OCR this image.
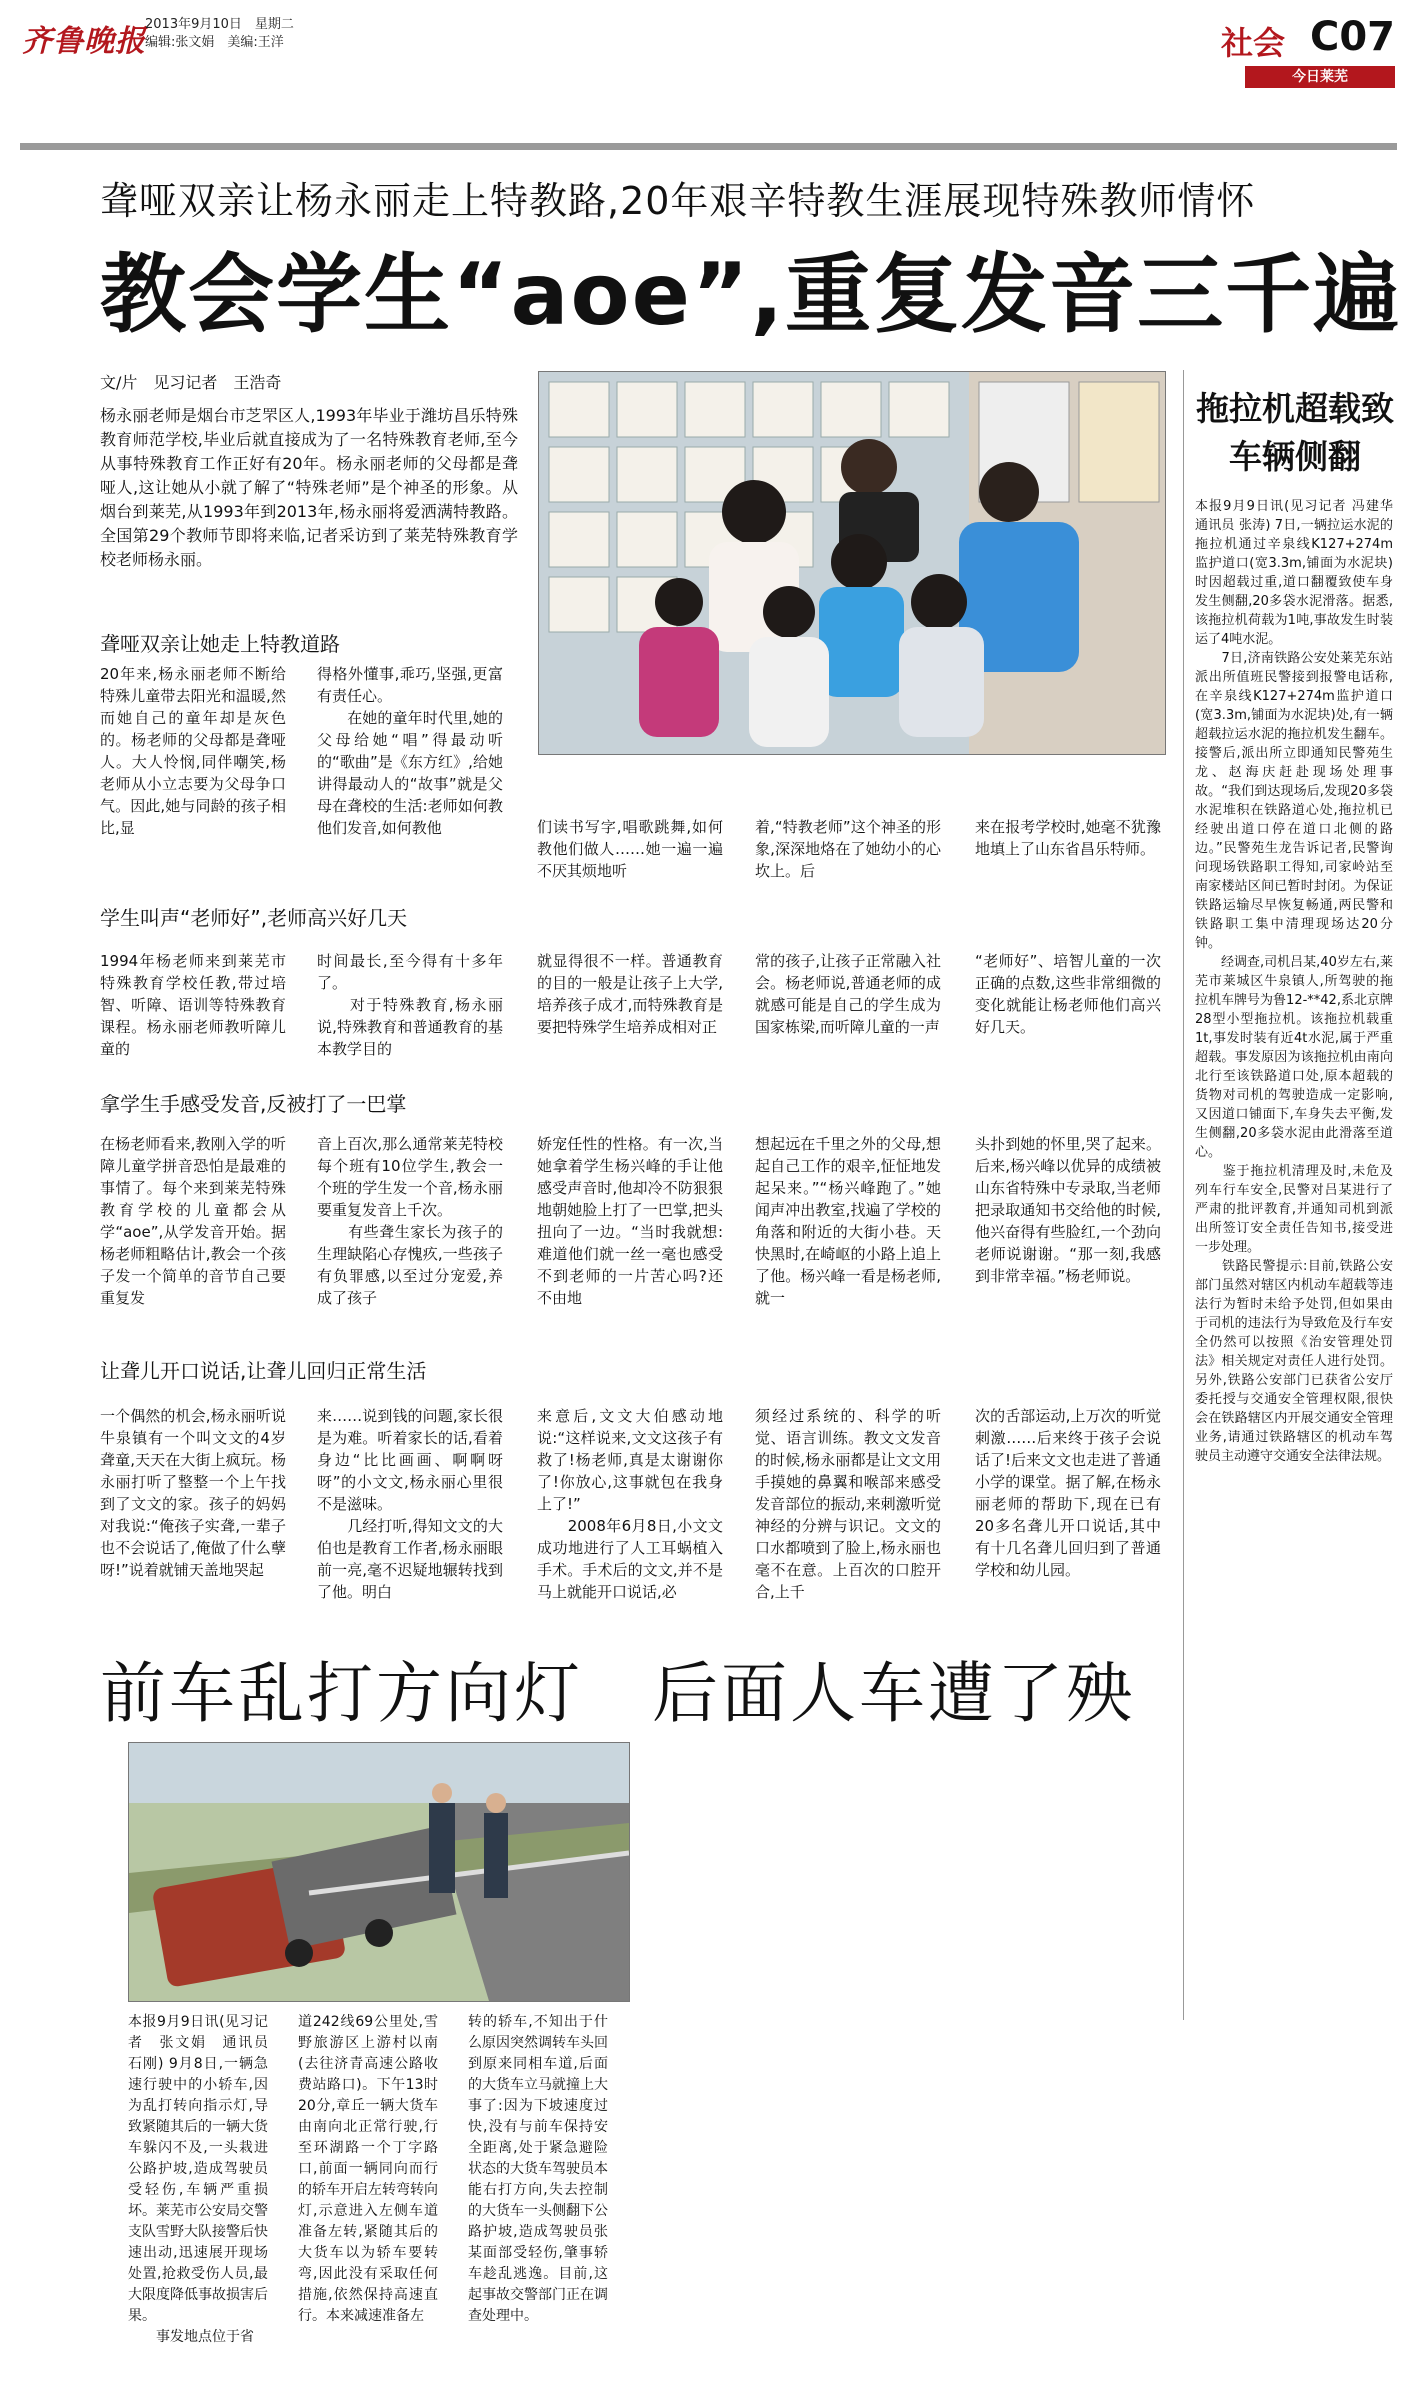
齐鲁晚报 2013年9月10日　星期二
编辑:张文娟　美编:王洋	社会 C07
今日莱芜
聋哑双亲让杨永丽走上特教路,20年艰辛特教生涯展现特殊教师情怀
教会学生“aoe”,重复发音三千遍
文/片　见习记者　王浩奇
杨永丽老师是烟台市芝罘区人,1993年毕业于潍坊昌乐特殊教育师范学校,毕业后就直接成为了一名特殊教育老师,至今从事特殊教育工作正好有20年。杨永丽老师的父母都是聋哑人,这让她从小就了解了“特殊老师”是个神圣的形象。从烟台到莱芜,从1993年到2013年,杨永丽将爱洒满特教路。全国第29个教师节即将来临,记者采访到了莱芜特殊教育学校老师杨永丽。
聋哑双亲让她走上特教道路
20年来,杨永丽老师不断给特殊儿童带去阳光和温暖,然而她自己的童年却是灰色的。杨老师的父母都是聋哑人。大人怜悯,同伴嘲笑,杨老师从小立志要为父母争口气。因此,她与同龄的孩子相比,显
得格外懂事,乖巧,坚强,更富有责任心。
　　在她的童年时代里,她的父母给她“唱”得最动听的“歌曲”是《东方红》,给她讲得最动人的“故事”就是父母在聋校的生活:老师如何教他们发音,如何教他	们读书写字,唱歌跳舞,如何教他们做人……她一遍一遍不厌其烦地听
着,“特教老师”这个神圣的形象,深深地烙在了她幼小的心坎上。后
来在报考学校时,她毫不犹豫地填上了山东省昌乐特师。
学生叫声“老师好”,老师高兴好几天
1994年杨老师来到莱芜市特殊教育学校任教,带过培智、听障、语训等特殊教育课程。杨永丽老师教听障儿童的
时间最长,至今得有十多年了。
　　对于特殊教育,杨永丽说,特殊教育和普通教育的基本教学目的
就显得很不一样。普通教育的目的一般是让孩子上大学,培养孩子成才,而特殊教育是要把特殊学生培养成相对正
常的孩子,让孩子正常融入社会。杨老师说,普通老师的成就感可能是自己的学生成为国家栋梁,而听障儿童的一声
“老师好”、培智儿童的一次正确的点数,这些非常细微的变化就能让杨老师他们高兴好几天。
拿学生手感受发音,反被打了一巴掌
在杨老师看来,教刚入学的听障儿童学拼音恐怕是最难的事情了。每个来到莱芜特殊教育学校的儿童都会从学“aoe”,从学发音开始。据杨老师粗略估计,教会一个孩子发一个简单的音节自己要重复发
音上百次,那么通常莱芜特校每个班有10位学生,教会一个班的学生发一个音,杨永丽要重复发音上千次。
　　有些聋生家长为孩子的生理缺陷心存愧疚,一些孩子有负罪感,以至过分宠爱,养成了孩子
娇宠任性的性格。有一次,当她拿着学生杨兴峰的手让他感受声音时,他却冷不防狠狠地朝她脸上打了一巴掌,把头扭向了一边。“当时我就想:难道他们就一丝一毫也感受不到老师的一片苦心吗?还不由地
想起远在千里之外的父母,想起自己工作的艰辛,怔怔地发起呆来。”“杨兴峰跑了。”她闻声冲出教室,找遍了学校的角落和附近的大街小巷。天快黑时,在崎岖的小路上追上了他。杨兴峰一看是杨老师,就一
头扑到她的怀里,哭了起来。后来,杨兴峰以优异的成绩被山东省特殊中专录取,当老师把录取通知书交给他的时候,他兴奋得有些脸红,一个劲向老师说谢谢。“那一刻,我感到非常幸福。”杨老师说。
让聋儿开口说话,让聋儿回归正常生活
一个偶然的机会,杨永丽听说牛泉镇有一个叫文文的4岁聋童,天天在大街上疯玩。杨永丽打听了整整一个上午找到了文文的家。孩子的妈妈对我说:“俺孩子实聋,一辈子也不会说话了,俺做了什么孽呀!”说着就铺天盖地哭起
来……说到钱的问题,家长很是为难。听着家长的话,看着身边“比比画画、啊啊呀呀”的小文文,杨永丽心里很不是滋味。
　　几经打听,得知文文的大伯也是教育工作者,杨永丽眼前一亮,毫不迟疑地辗转找到了他。明白
来意后,文文大伯感动地说:“这样说来,文文这孩子有救了!杨老师,真是太谢谢你了!你放心,这事就包在我身上了!”
　　2008年6月8日,小文文成功地进行了人工耳蜗植入手术。手术后的文文,并不是马上就能开口说话,必
须经过系统的、科学的听觉、语言训练。教文文发音的时候,杨永丽都是让文文用手摸她的鼻翼和喉部来感受发音部位的振动,来刺激听觉神经的分辨与识记。文文的口水都喷到了脸上,杨永丽也毫不在意。上百次的口腔开合,上千
次的舌部运动,上万次的听觉刺激……后来终于孩子会说话了!后来文文也走进了普通小学的课堂。据了解,在杨永丽老师的帮助下,现在已有20多名聋儿开口说话,其中有十几名聋儿回归到了普通学校和幼儿园。
拖拉机超载致车辆侧翻
本报9月9日讯(见习记者 冯建华　通讯员 张涛) 7日,一辆拉运水泥的拖拉机通过辛泉线K127+274m监护道口(宽3.3m,铺面为水泥块)时因超载过重,道口翻覆致使车身发生侧翻,20多袋水泥滑落。据悉,该拖拉机荷载为1吨,事故发生时装运了4吨水泥。
　　7日,济南铁路公安处莱芜东站派出所值班民警接到报警电话称,在辛泉线K127+274m监护道口(宽3.3m,铺面为水泥块)处,有一辆超载拉运水泥的拖拉机发生翻车。接警后,派出所立即通知民警苑生龙、赵海庆赶赴现场处理事故。“我们到达现场后,发现20多袋水泥堆积在铁路道心处,拖拉机已经驶出道口停在道口北侧的路边。”民警苑生龙告诉记者,民警询问现场铁路职工得知,司家岭站至南家楼站区间已暂时封闭。为保证铁路运输尽早恢复畅通,两民警和铁路职工集中清理现场达20分钟。
　　经调查,司机吕某,40岁左右,莱芜市莱城区牛泉镇人,所驾驶的拖拉机车牌号为鲁12-**42,系北京牌28型小型拖拉机。该拖拉机载重1t,事发时装有近4t水泥,属于严重超载。事发原因为该拖拉机由南向北行至该铁路道口处,原本超载的货物对司机的驾驶造成一定影响,又因道口铺面下,车身失去平衡,发生侧翻,20多袋水泥由此滑落至道心。
　　鉴于拖拉机清理及时,未危及列车行车安全,民警对吕某进行了严肃的批评教育,并通知司机到派出所签订安全责任告知书,接受进一步处理。
　　铁路民警提示:目前,铁路公安部门虽然对辖区内机动车超载等违法行为暂时未给予处罚,但如果由于司机的违法行为导致危及行车安全仍然可以按照《治安管理处罚法》相关规定对责任人进行处罚。另外,铁路公安部门已获省公安厅委托授与交通安全管理权限,很快会在铁路辖区内开展交通安全管理业务,请通过铁路辖区的机动车驾驶员主动遵守交通安全法律法规。
前车乱打方向灯　后面人车遭了殃
本报9月9日讯(见习记者　张文娟　通讯员　石刚) 9月8日,一辆急速行驶中的小轿车,因为乱打转向指示灯,导致紧随其后的一辆大货车躲闪不及,一头栽进公路护坡,造成驾驶员受轻伤,车辆严重损坏。莱芜市公安局交警支队雪野大队接警后快速出动,迅速展开现场处置,抢救受伤人员,最大限度降低事故损害后果。
　　事发地点位于省
道242线69公里处,雪野旅游区上游村以南(去往济青高速公路收费站路口)。下午13时20分,章丘一辆大货车由南向北正常行驶,行至环湖路一个丁字路口,前面一辆同向而行的轿车开启左转弯转向灯,示意进入左侧车道准备左转,紧随其后的大货车以为轿车要转弯,因此没有采取任何措施,依然保持高速直行。本来减速准备左
转的轿车,不知出于什么原因突然调转车头回到原来同相车道,后面的大货车立马就撞上大事了:因为下坡速度过快,没有与前车保持安全距离,处于紧急避险状态的大货车驾驶员本能右打方向,失去控制的大货车一头侧翻下公路护坡,造成驾驶员张某面部受轻伤,肇事轿车趁乱逃逸。目前,这起事故交警部门正在调查处理中。
